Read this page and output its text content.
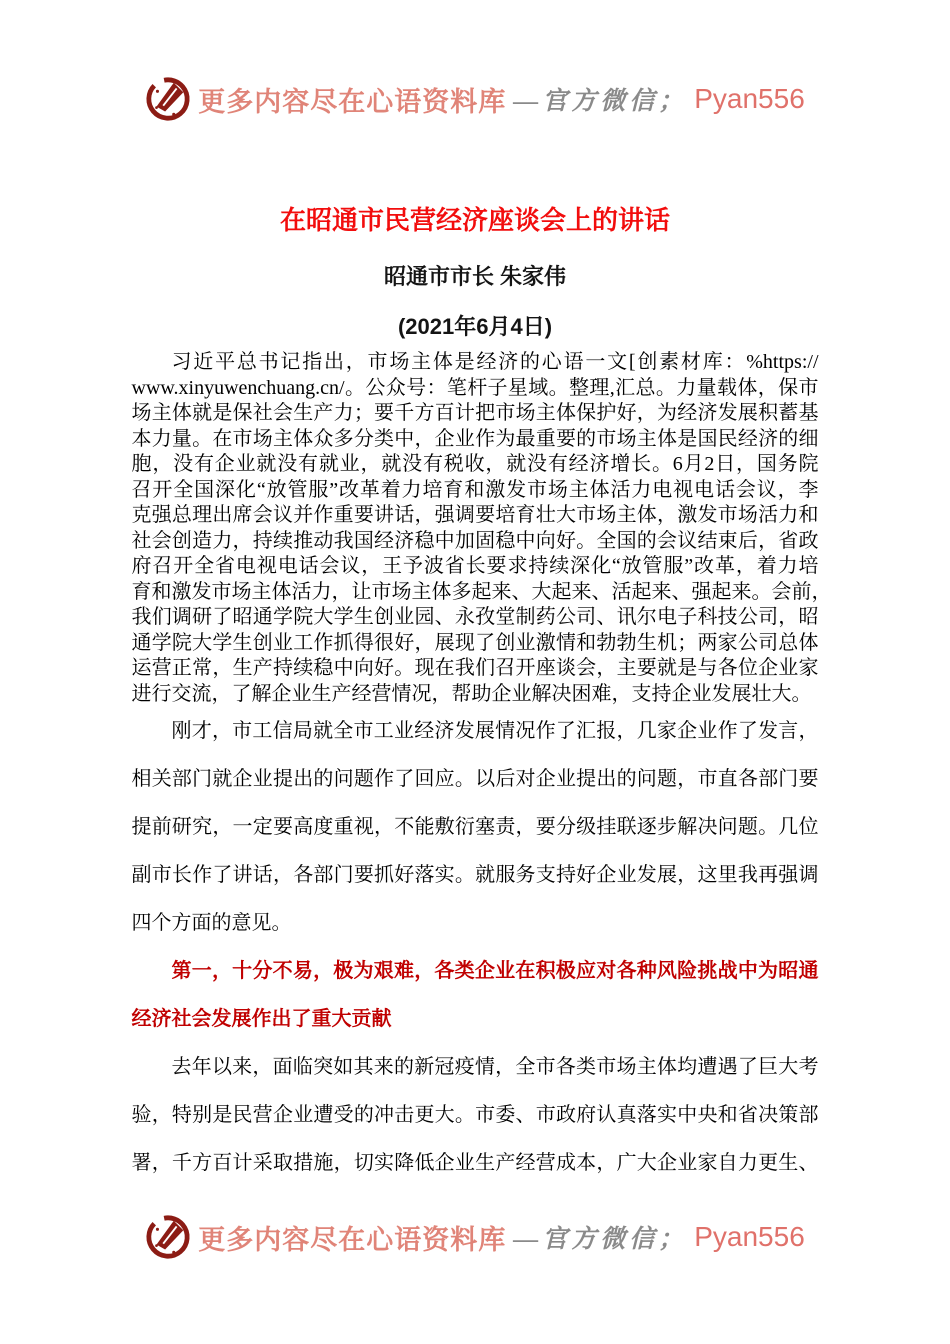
更多内容尽在心语资料库 —官方微信； Pyan556
在昭通市民营经济座谈会上的讲话
昭通市市长 朱家伟
(2021年6月4日)
习近平总书记指出，市场主体是经济的心语一文[创素材库：%https://
www.xinyuwenchuang.cn/。公众号：笔杆子星域。整理,汇总。力量载体，保市
场主体就是保社会生产力；要千方百计把市场主体保护好，为经济发展积蓄基
本力量。在市场主体众多分类中，企业作为最重要的市场主体是国民经济的细
胞，没有企业就没有就业，就没有税收，就没有经济增长。6月2日，国务院
召开全国深化“放管服”改革着力培育和激发市场主体活力电视电话会议，李
克强总理出席会议并作重要讲话，强调要培育壮大市场主体，激发市场活力和
社会创造力，持续推动我国经济稳中加固稳中向好。全国的会议结束后，省政
府召开全省电视电话会议，王予波省长要求持续深化“放管服”改革，着力培
育和激发市场主体活力，让市场主体多起来、大起来、活起来、强起来。会前，
我们调研了昭通学院大学生创业园、永孜堂制药公司、讯尔电子科技公司，昭
通学院大学生创业工作抓得很好，展现了创业激情和勃勃生机；两家公司总体
运营正常，生产持续稳中向好。现在我们召开座谈会，主要就是与各位企业家
进行交流，了解企业生产经营情况，帮助企业解决困难，支持企业发展壮大。
刚才，市工信局就全市工业经济发展情况作了汇报，几家企业作了发言，
相关部门就企业提出的问题作了回应。以后对企业提出的问题，市直各部门要
提前研究，一定要高度重视，不能敷衍塞责，要分级挂联逐步解决问题。几位
副市长作了讲话，各部门要抓好落实。就服务支持好企业发展，这里我再强调
四个方面的意见。
第一，十分不易，极为艰难，各类企业在积极应对各种风险挑战中为昭通
经济社会发展作出了重大贡献
去年以来，面临突如其来的新冠疫情，全市各类市场主体均遭遇了巨大考
验，特别是民营企业遭受的冲击更大。市委、市政府认真落实中央和省决策部
署，千方百计采取措施，切实降低企业生产经营成本，广大企业家自力更生、
更多内容尽在心语资料库 —官方微信； Pyan556
